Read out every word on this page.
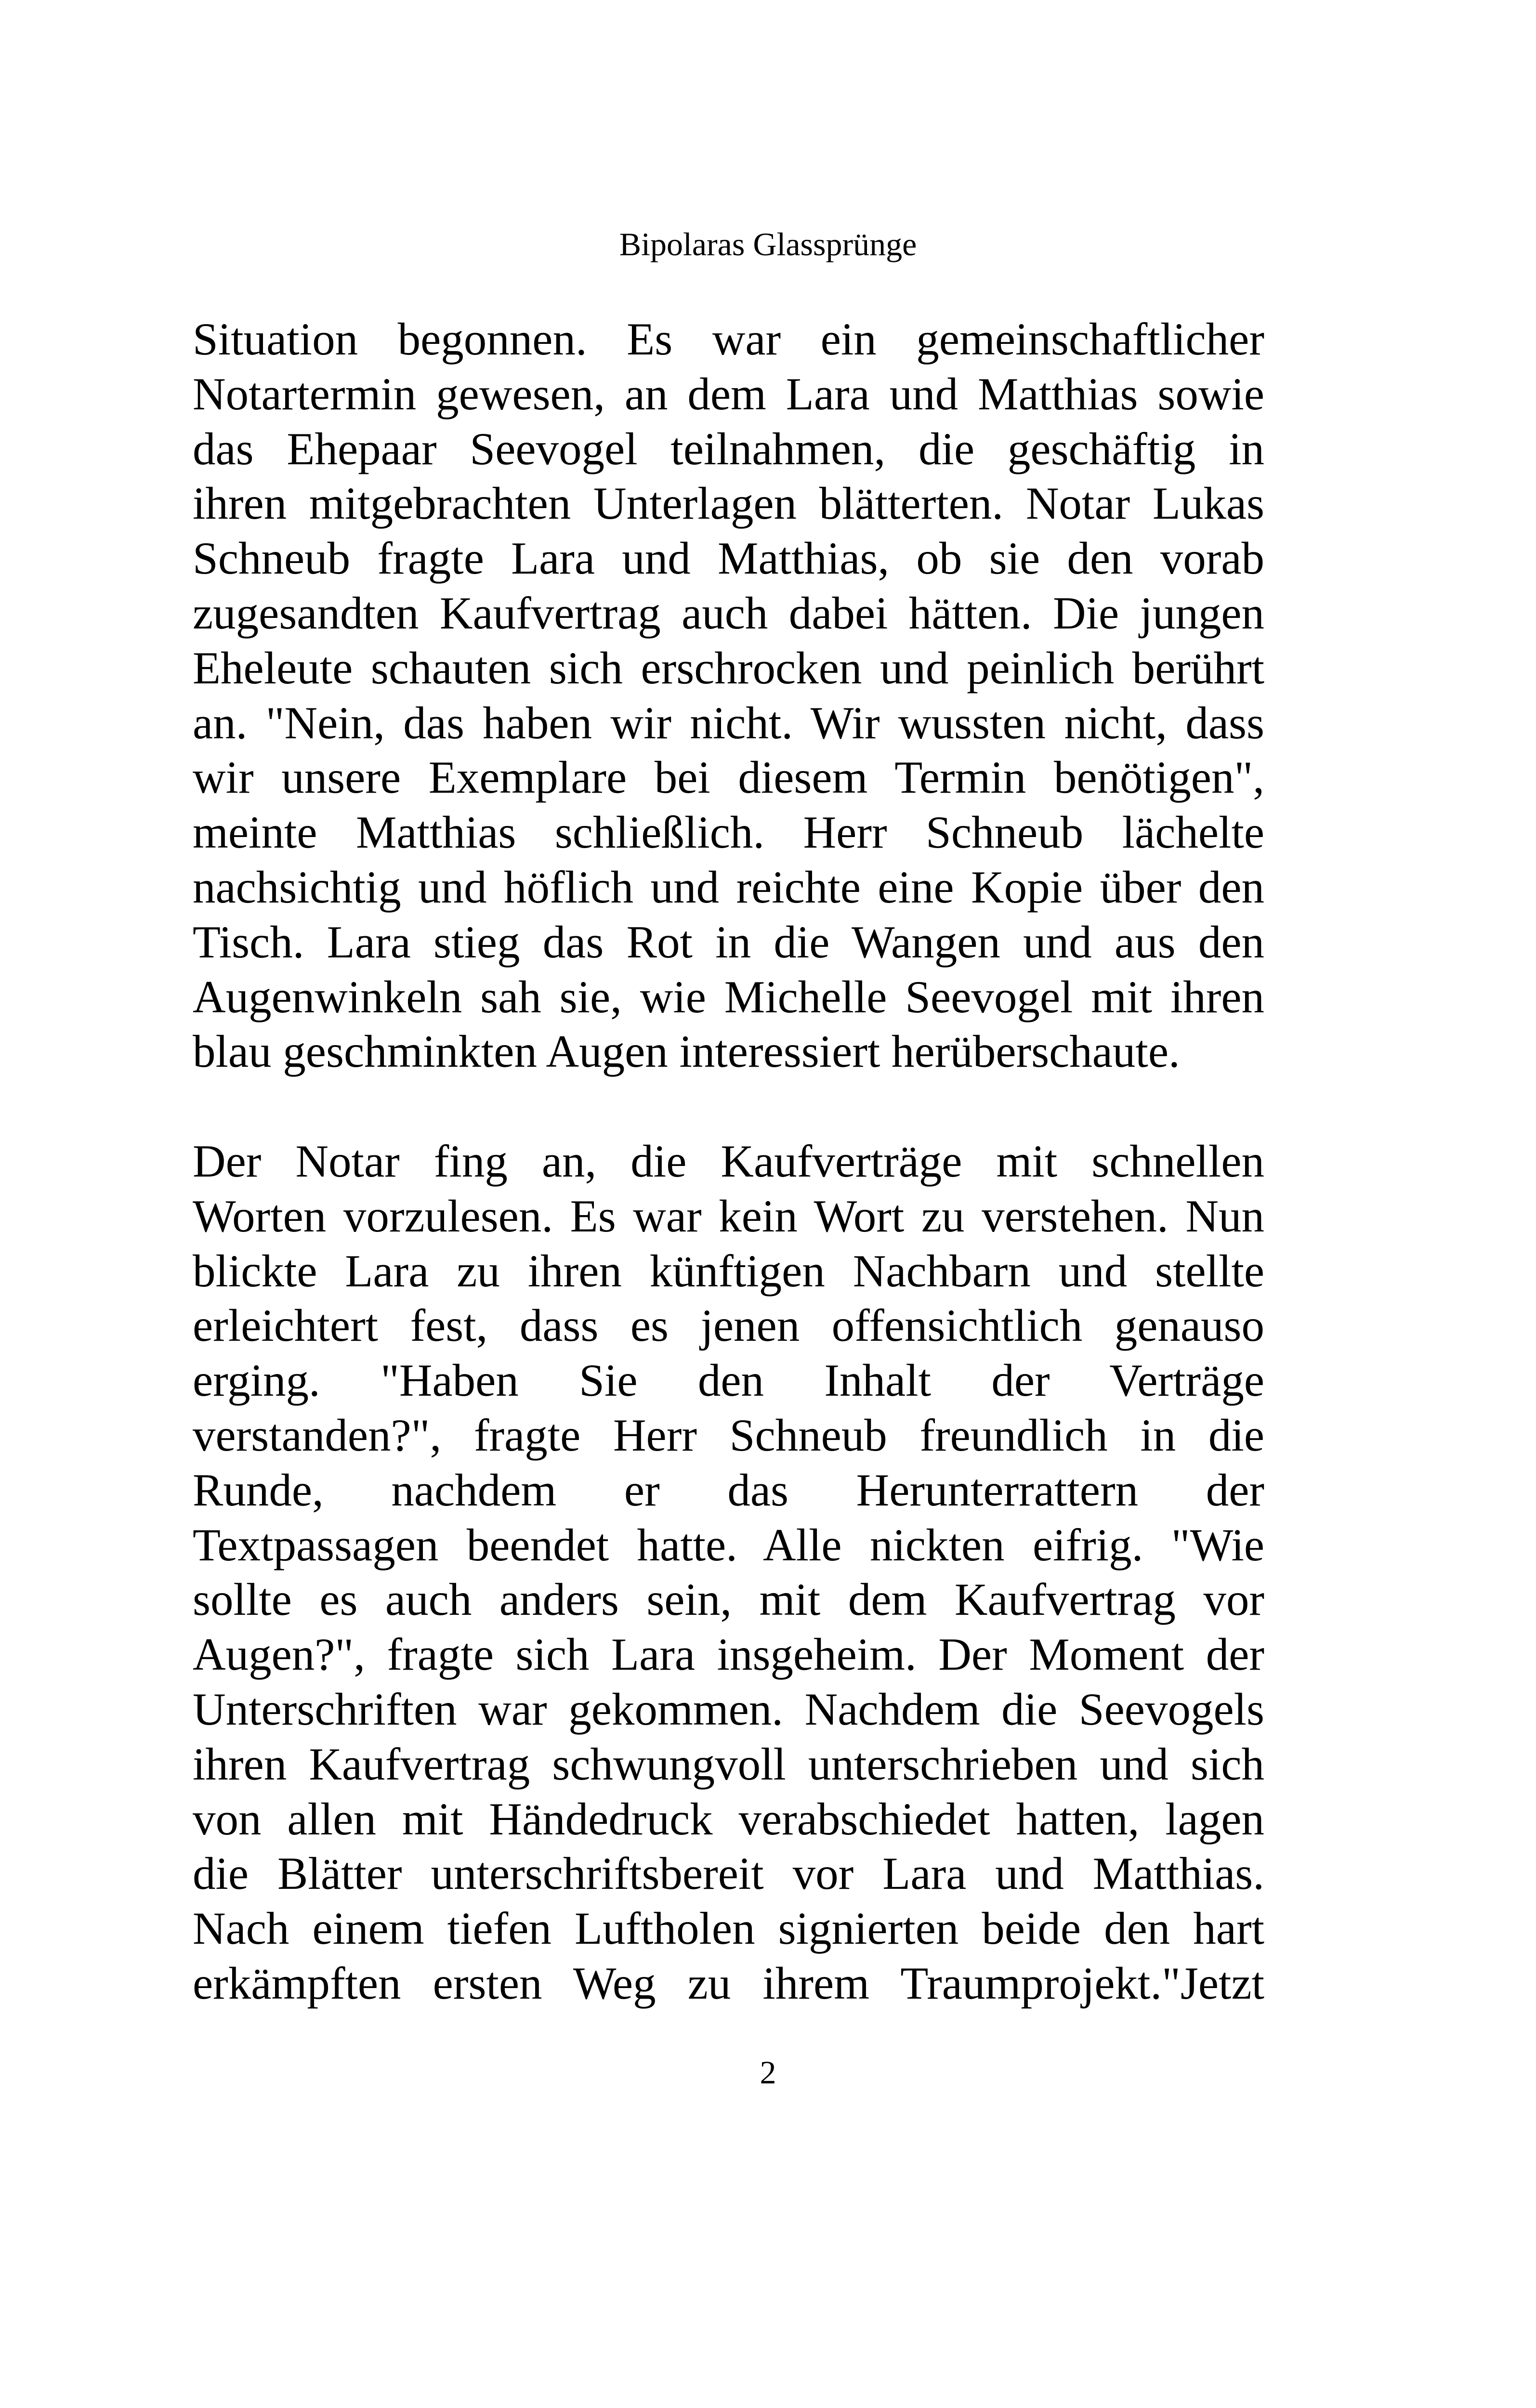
Bipolaras Glassprünge

Situation begonnen. Es war ein gemeinschaftlicher
Notartermin gewesen, an dem Lara und Matthias sowie
das Ehepaar Seevogel teilnahmen, die geschäftig in
ihren mitgebrachten Unterlagen blätterten. Notar Lukas
Schneub fragte Lara und Matthias, ob sie den vorab
zugesandten Kaufvertrag auch dabei hätten. Die jungen
Eheleute schauten sich erschrocken und peinlich berührt
an. "Nein, das haben wir nicht. Wir wussten nicht, dass
wir unsere Exemplare bei diesem Termin benötigen",
meinte Matthias schließlich. Herr Schneub lächelte
nachsichtig und höflich und reichte eine Kopie über den
Tisch. Lara stieg das Rot in die Wangen und aus den
Augenwinkeln sah sie, wie Michelle Seevogel mit ihren
blau geschminkten Augen interessiert herüberschaute.

Der Notar fing an, die Kaufverträge mit schnellen
Worten vorzulesen. Es war kein Wort zu verstehen. Nun
blickte Lara zu ihren künftigen Nachbarn und stellte
erleichtert fest, dass es jenen offensichtlich genauso
erging. "Haben Sie den Inhalt der Verträge
verstanden?", fragte Herr Schneub freundlich in die
Runde, nachdem er das Herunterrattern der
Textpassagen beendet hatte. Alle nickten eifrig. "Wie
sollte es auch anders sein, mit dem Kaufvertrag vor
Augen?", fragte sich Lara insgeheim. Der Moment der
Unterschriften war gekommen. Nachdem die Seevogels
ihren Kaufvertrag schwungvoll unterschrieben und sich
von allen mit Händedruck verabschiedet hatten, lagen
die Blätter unterschriftsbereit vor Lara und Matthias.
Nach einem tiefen Luftholen signierten beide den hart
erkämpften ersten Weg zu ihrem Traumprojekt."Jetzt

2
